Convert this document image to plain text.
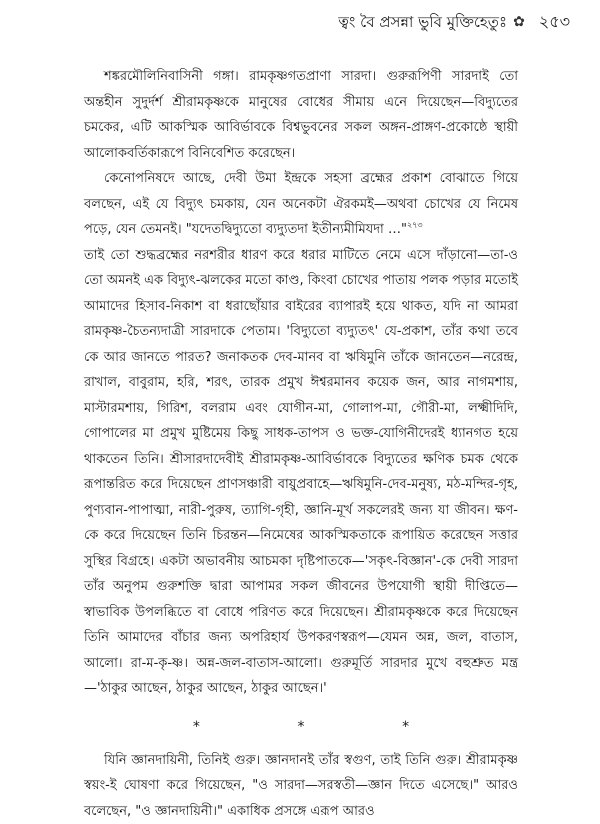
ত্বং বৈ প্রসন্না ভুবি মুক্তিহেতুঃ ✿ ২৫৩

শঙ্করমৌলিনিবাসিনী গঙ্গা। রামকৃষ্ণগতপ্রাণা সারদা। গুরুরূপিণী সারদাই তো অন্তহীন সুদুর্দর্শ শ্রীরামকৃষ্ণকে মানুষের বোধের সীমায় এনে দিয়েছেন—বিদ্যুতের চমকের, এটি আকস্মিক আবির্ভাবকে বিশ্বভুবনের সকল অঙ্গন-প্রাঙ্গণ-প্রকোষ্ঠে স্থায়ী আলোকবর্তিকারূপে বিনিবেশিত করেছেন।

কেনোপনিষদে আছে, দেবী উমা ইন্দ্রকে সহসা ব্রহ্মের প্রকাশ বোঝাতে গিয়ে বলছেন, এই যে বিদ্যুৎ চমকায়, যেন অনেকটা ঐরকমই—অথবা চোখের যে নিমেষ পড়ে, যেন তেমনই। "যদেতদ্বিদ্যুতো ব্যদ্যুতদা ইতীন্যমীমিযদা …"$^{২৭৩}$

তাই তো শুদ্ধব্রহ্মের নরশরীর ধারণ করে ধরার মাটিতে নেমে এসে দাঁড়ানো—তা-ও তো অমনই এক বিদ্যুৎ-ঝলকের মতো কাণ্ড, কিংবা চোখের পাতায় পলক পড়ার মতোই আমাদের হিসাব-নিকাশ বা ধরাছোঁয়ার বাইরের ব্যাপারই হয়ে থাকত, যদি না আমরা রামকৃষ্ণ-চৈতন্যদাত্রী সারদাকে পেতাম। 'বিদ্যুতো ব্যদ্যুতৎ' যে-প্রকাশ, তাঁর কথা তবে কে আর জানতে পারত? জনাকতক দেব-মানব বা ঋষিমুনি তাঁকে জানতেন—নরেন্দ্র, রাখাল, বাবুরাম, হরি, শরৎ, তারক প্রমুখ ঈশ্বরমানব কয়েক জন, আর নাগমশায়, মাস্টারমশায়, গিরিশ, বলরাম এবং যোগীন-মা, গোলাপ-মা, গৌরী-মা, লক্ষ্মীদিদি, গোপালের মা প্রমুখ মুষ্টিমেয় কিছু সাধক-তাপস ও ভক্ত-যোগিনীদেরই ধ্যানগত হয়ে থাকতেন তিনি। শ্রীসারদাদেবীই শ্রীরামকৃষ্ণ-আবির্ভাবকে বিদ্যুতের ক্ষণিক চমক থেকে রূপান্তরিত করে দিয়েছেন প্রাণসঞ্চারী বায়ুপ্রবাহে—ঋষিমুনি-দেব-মনুষ্য, মঠ-মন্দির-গৃহ, পুণ্যবান-পাপাত্মা, নারী-পুরুষ, ত্যাগি-গৃহী, জ্ঞানি-মূর্খ সকলেরই জন্য যা জীবন। ক্ষণ-কে করে দিয়েছেন তিনি চিরন্তন—নিমেষের আকস্মিকতাকে রূপায়িত করেছেন সত্তার সুস্থির বিগ্রহে। একটা অভাবনীয় আচমকা দৃষ্টিপাতকে—'সকৃৎ-বিজ্ঞান'-কে দেবী সারদা তাঁর অনুপম গুরুশক্তি দ্বারা আপামর সকল জীবনের উপযোগী স্থায়ী দীপ্তিতে—স্বাভাবিক উপলব্ধিতে বা বোধে পরিণত করে দিয়েছেন। শ্রীরামকৃষ্ণকে করে দিয়েছেন তিনি আমাদের বাঁচার জন্য অপরিহার্য উপকরণস্বরূপ—যেমন অন্ন, জল, বাতাস, আলো। রা-ম-কৃ-ষ্ণ। অন্ন-জল-বাতাস-আলো। গুরুমূর্তি সারদার মুখে বহুশ্রুত মন্ত্র—'ঠাকুর আছেন, ঠাকুর আছেন, ঠাকুর আছেন।'

*	*	*

যিনি জ্ঞানদায়িনী, তিনিই গুরু। জ্ঞানদানই তাঁর স্বগুণ, তাই তিনি গুরু। শ্রীরামকৃষ্ণ স্বয়ং-ই ঘোষণা করে গিয়েছেন, "ও সারদা—সরস্বতী—জ্ঞান দিতে এসেছে।" আরও বলেছেন, "ও জ্ঞানদায়িনী।" একাধিক প্রসঙ্গে এরূপ আরও
